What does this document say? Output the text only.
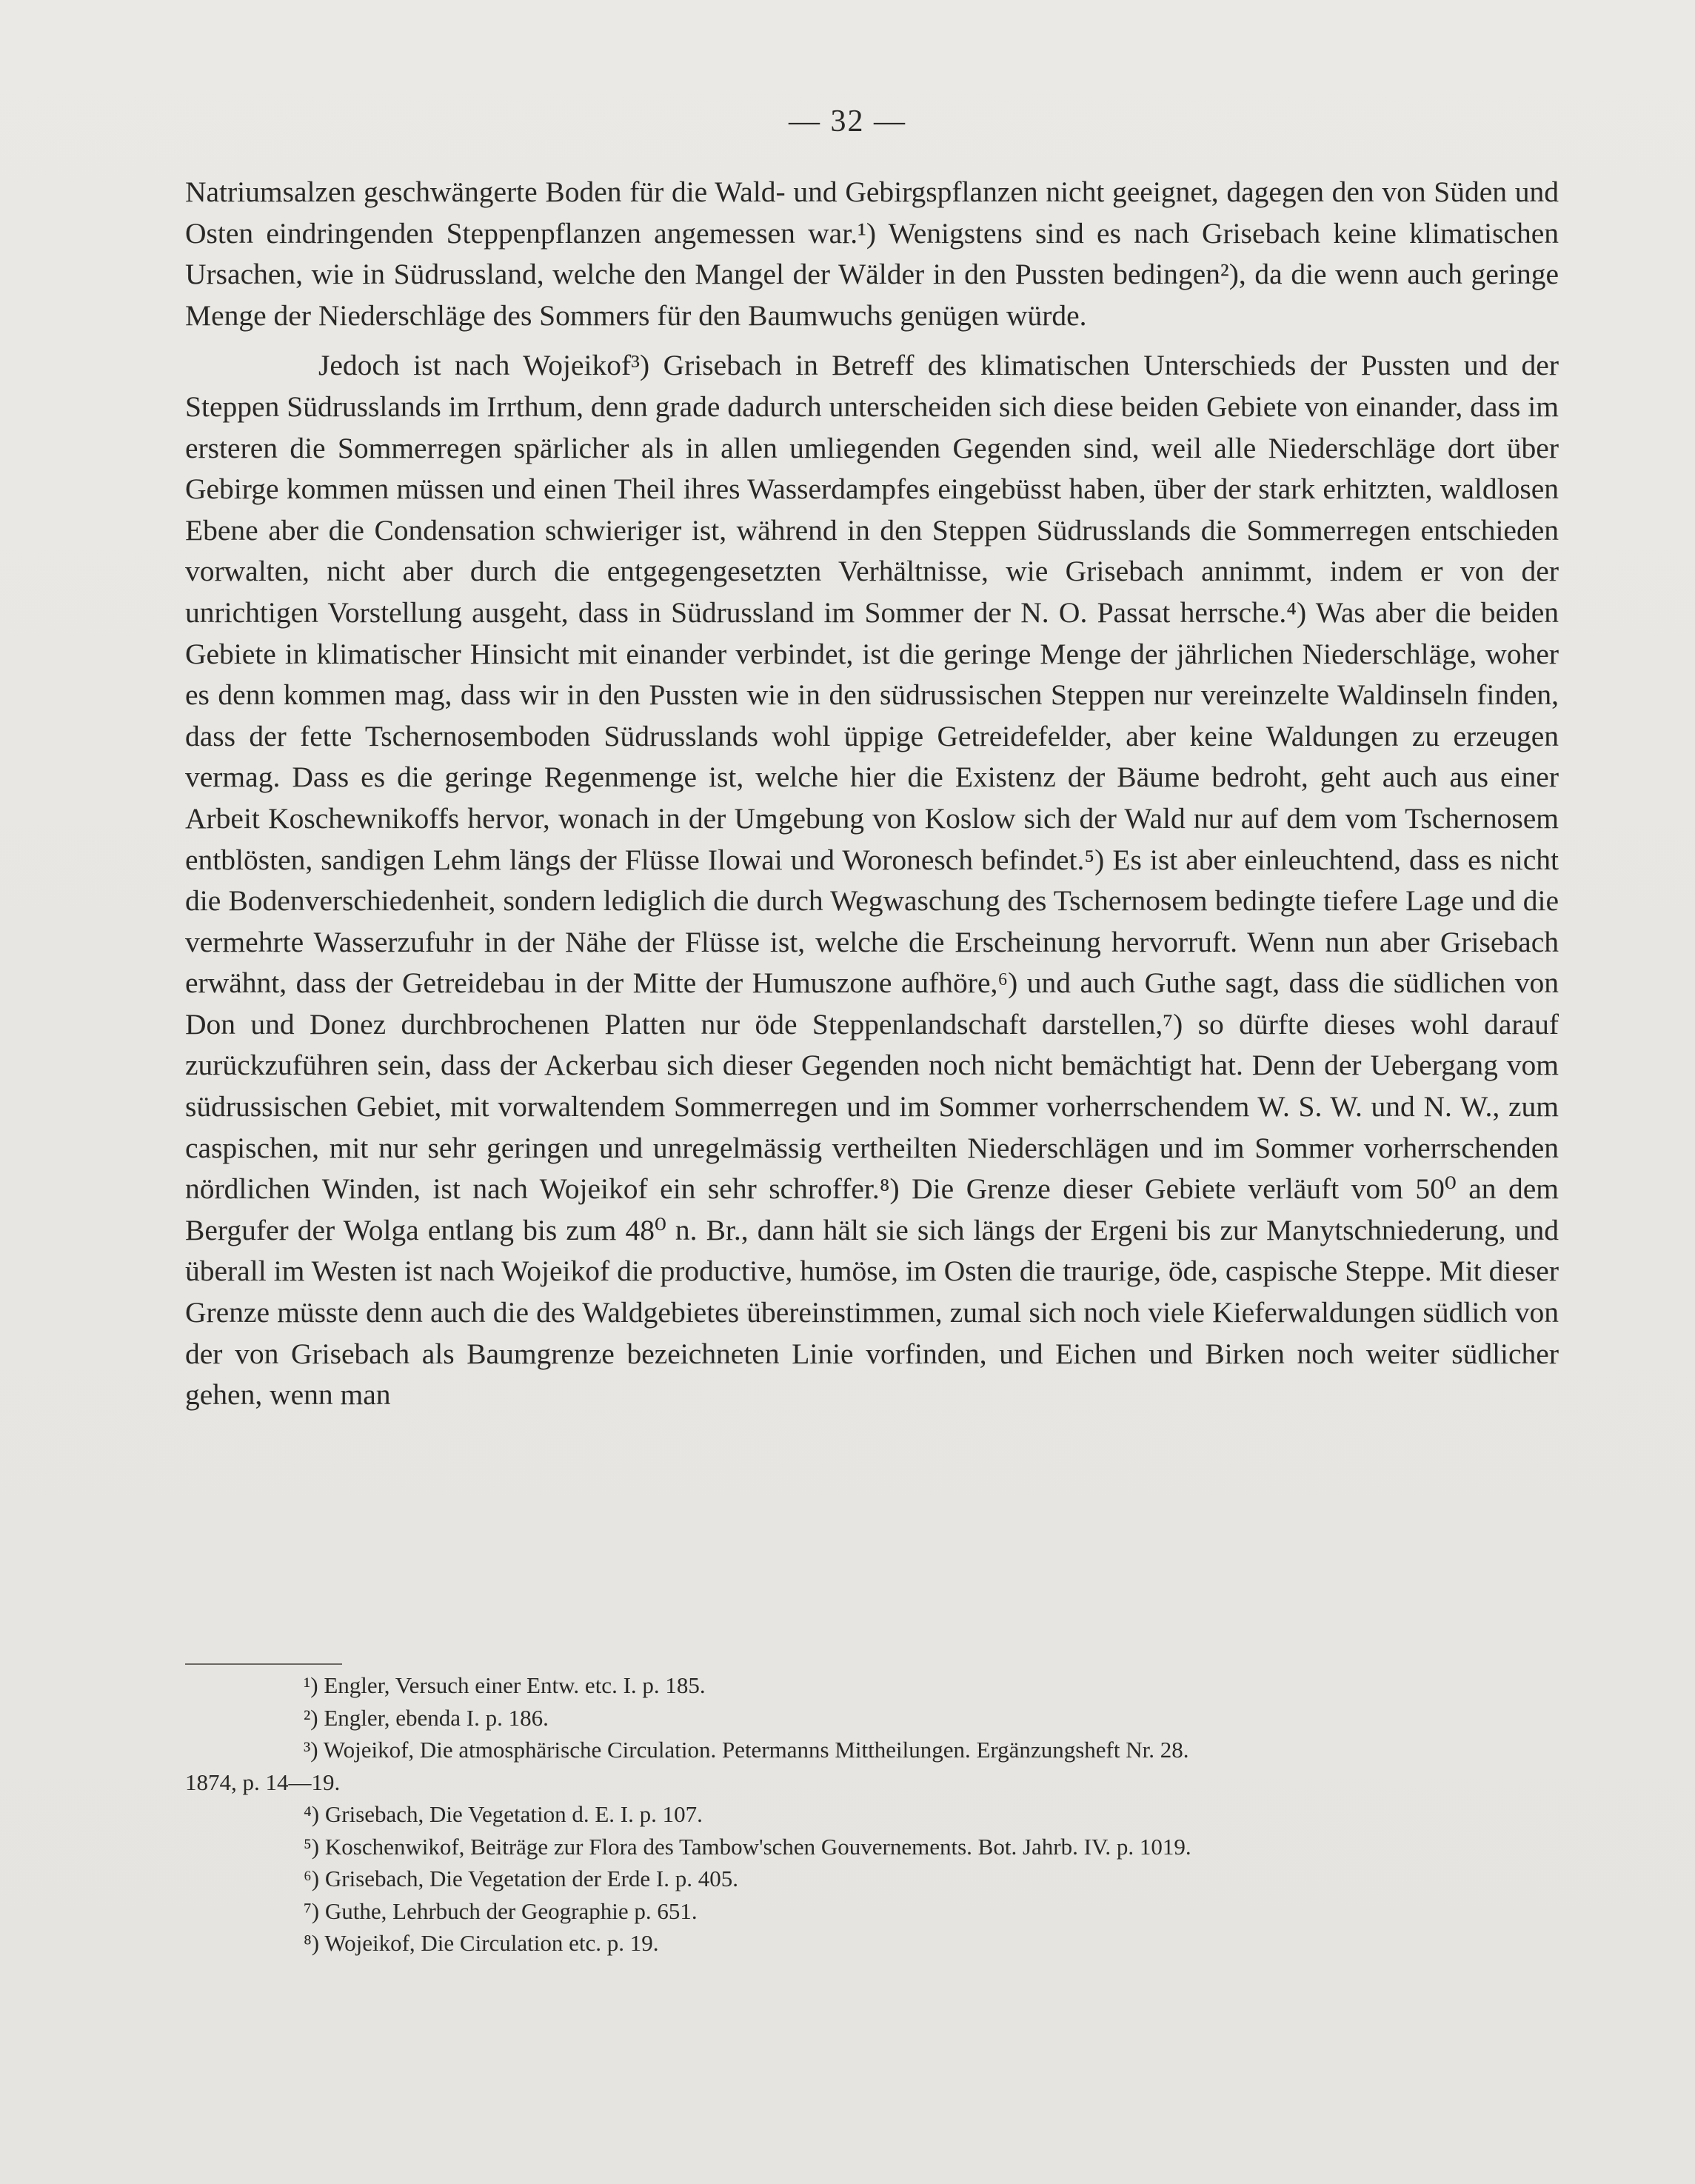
— 32 —

Natriumsalzen geschwängerte Boden für die Wald- und Gebirgspflanzen nicht geeignet, dagegen den von Süden und Osten eindringenden Steppenpflanzen angemessen war.¹) Wenigstens sind es nach Grisebach keine klimatischen Ursachen, wie in Südrussland, welche den Mangel der Wälder in den Pussten bedingen²), da die wenn auch geringe Menge der Niederschläge des Sommers für den Baumwuchs genügen würde.

Jedoch ist nach Wojeikof³) Grisebach in Betreff des klimatischen Unterschieds der Pussten und der Steppen Südrusslands im Irrthum, denn grade dadurch unterscheiden sich diese beiden Gebiete von einander, dass im ersteren die Sommerregen spärlicher als in allen umliegenden Gegenden sind, weil alle Niederschläge dort über Gebirge kommen müssen und einen Theil ihres Wasserdampfes eingebüsst haben, über der stark erhitzten, waldlosen Ebene aber die Condensation schwieriger ist, während in den Steppen Südrusslands die Sommerregen entschieden vorwalten, nicht aber durch die entgegengesetzten Verhältnisse, wie Grisebach annimmt, indem er von der unrichtigen Vorstellung ausgeht, dass in Südrussland im Sommer der N. O. Passat herrsche.⁴) Was aber die beiden Gebiete in klimatischer Hinsicht mit einander verbindet, ist die geringe Menge der jährlichen Niederschläge, woher es denn kommen mag, dass wir in den Pussten wie in den südrussischen Steppen nur vereinzelte Waldinseln finden, dass der fette Tschernosemboden Südrusslands wohl üppige Getreidefelder, aber keine Waldungen zu erzeugen vermag. Dass es die geringe Regenmenge ist, welche hier die Existenz der Bäume bedroht, geht auch aus einer Arbeit Koschewnikoffs hervor, wonach in der Umgebung von Koslow sich der Wald nur auf dem vom Tschernosem entblösten, sandigen Lehm längs der Flüsse Ilowai und Woronesch befindet.⁵) Es ist aber einleuchtend, dass es nicht die Bodenverschiedenheit, sondern lediglich die durch Wegwaschung des Tschernosem bedingte tiefere Lage und die vermehrte Wasserzufuhr in der Nähe der Flüsse ist, welche die Erscheinung hervorruft. Wenn nun aber Grisebach erwähnt, dass der Getreidebau in der Mitte der Humuszone aufhöre,⁶) und auch Guthe sagt, dass die südlichen von Don und Donez durchbrochenen Platten nur öde Steppenlandschaft darstellen,⁷) so dürfte dieses wohl darauf zurückzuführen sein, dass der Ackerbau sich dieser Gegenden noch nicht bemächtigt hat. Denn der Uebergang vom südrussischen Gebiet, mit vorwaltendem Sommerregen und im Sommer vorherrschendem W. S. W. und N. W., zum caspischen, mit nur sehr geringen und unregelmässig vertheilten Niederschlägen und im Sommer vorherrschenden nördlichen Winden, ist nach Wojeikof ein sehr schroffer.⁸) Die Grenze dieser Gebiete verläuft vom 50⁰ an dem Bergufer der Wolga entlang bis zum 48⁰ n. Br., dann hält sie sich längs der Ergeni bis zur Manytschniederung, und überall im Westen ist nach Wojeikof die productive, humöse, im Osten die traurige, öde, caspische Steppe. Mit dieser Grenze müsste denn auch die des Waldgebietes übereinstimmen, zumal sich noch viele Kieferwaldungen südlich von der von Grisebach als Baumgrenze bezeichneten Linie vorfinden, und Eichen und Birken noch weiter südlicher gehen, wenn man

¹) Engler, Versuch einer Entw. etc. I. p. 185.

²) Engler, ebenda I. p. 186.

³) Wojeikof, Die atmosphärische Circulation. Petermanns Mittheilungen. Ergänzungsheft Nr. 28.

1874, p. 14—19.

⁴) Grisebach, Die Vegetation d. E. I. p. 107.

⁵) Koschenwikof, Beiträge zur Flora des Tambow'schen Gouvernements. Bot. Jahrb. IV. p. 1019.

⁶) Grisebach, Die Vegetation der Erde I. p. 405.

⁷) Guthe, Lehrbuch der Geographie p. 651.

⁸) Wojeikof, Die Circulation etc. p. 19.
